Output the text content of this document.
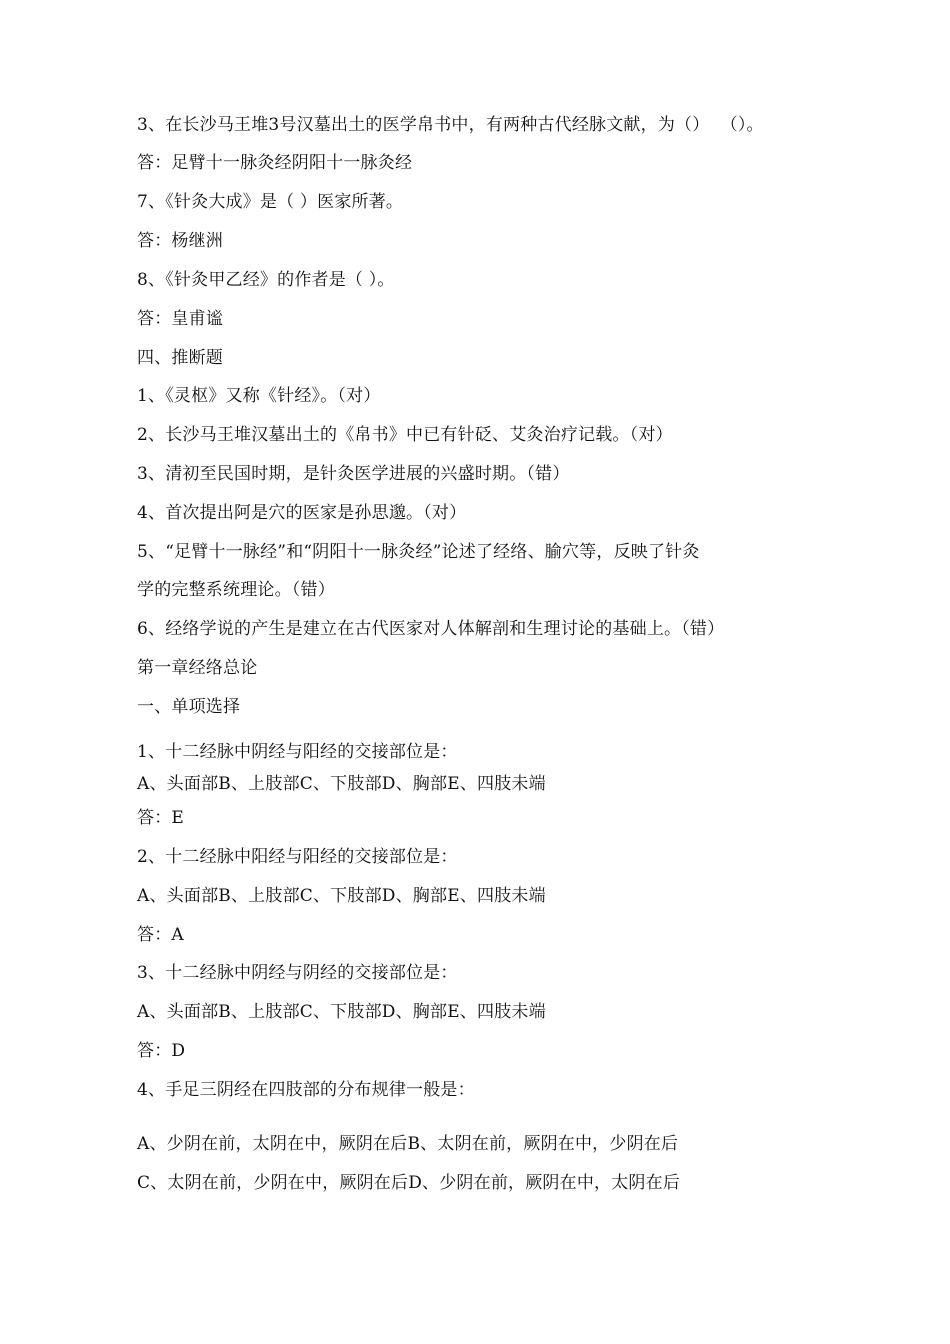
3、在长沙马王堆3号汉墓出土的医学帛书中，有两种古代经脉文献，为（）  （）。
答：足臂十一脉灸经阴阳十一脉灸经
7、《针灸大成》是（ ）医家所著。
答：杨继洲
8、《针灸甲乙经》的作者是（ ）。
答：皇甫谧
四、推断题
1、《灵枢》又称《针经》。（对）
2、长沙马王堆汉墓出土的《帛书》中已有针砭、艾灸治疗记载。（对）
3、清初至民国时期，是针灸医学进展的兴盛时期。（错）
4、首次提出阿是穴的医家是孙思邈。（对）
5、“足臂十一脉经”和“阴阳十一脉灸经”论述了经络、腧穴等，反映了针灸
学的完整系统理论。（错）
6、经络学说的产生是建立在古代医家对人体解剖和生理讨论的基础上。（错）
第一章经络总论
一、单项选择
1、十二经脉中阴经与阳经的交接部位是：
A、头面部B、上肢部C、下肢部D、胸部E、四肢未端
答：E
2、十二经脉中阳经与阳经的交接部位是：
A、头面部B、上肢部C、下肢部D、胸部E、四肢未端
答：A
3、十二经脉中阴经与阴经的交接部位是：
A、头面部B、上肢部C、下肢部D、胸部E、四肢未端
答：D
4、手足三阴经在四肢部的分布规律一般是：
A、少阴在前，太阴在中，厥阴在后B、太阴在前，厥阴在中，少阴在后
C、太阴在前，少阴在中，厥阴在后D、少阴在前，厥阴在中，太阴在后
